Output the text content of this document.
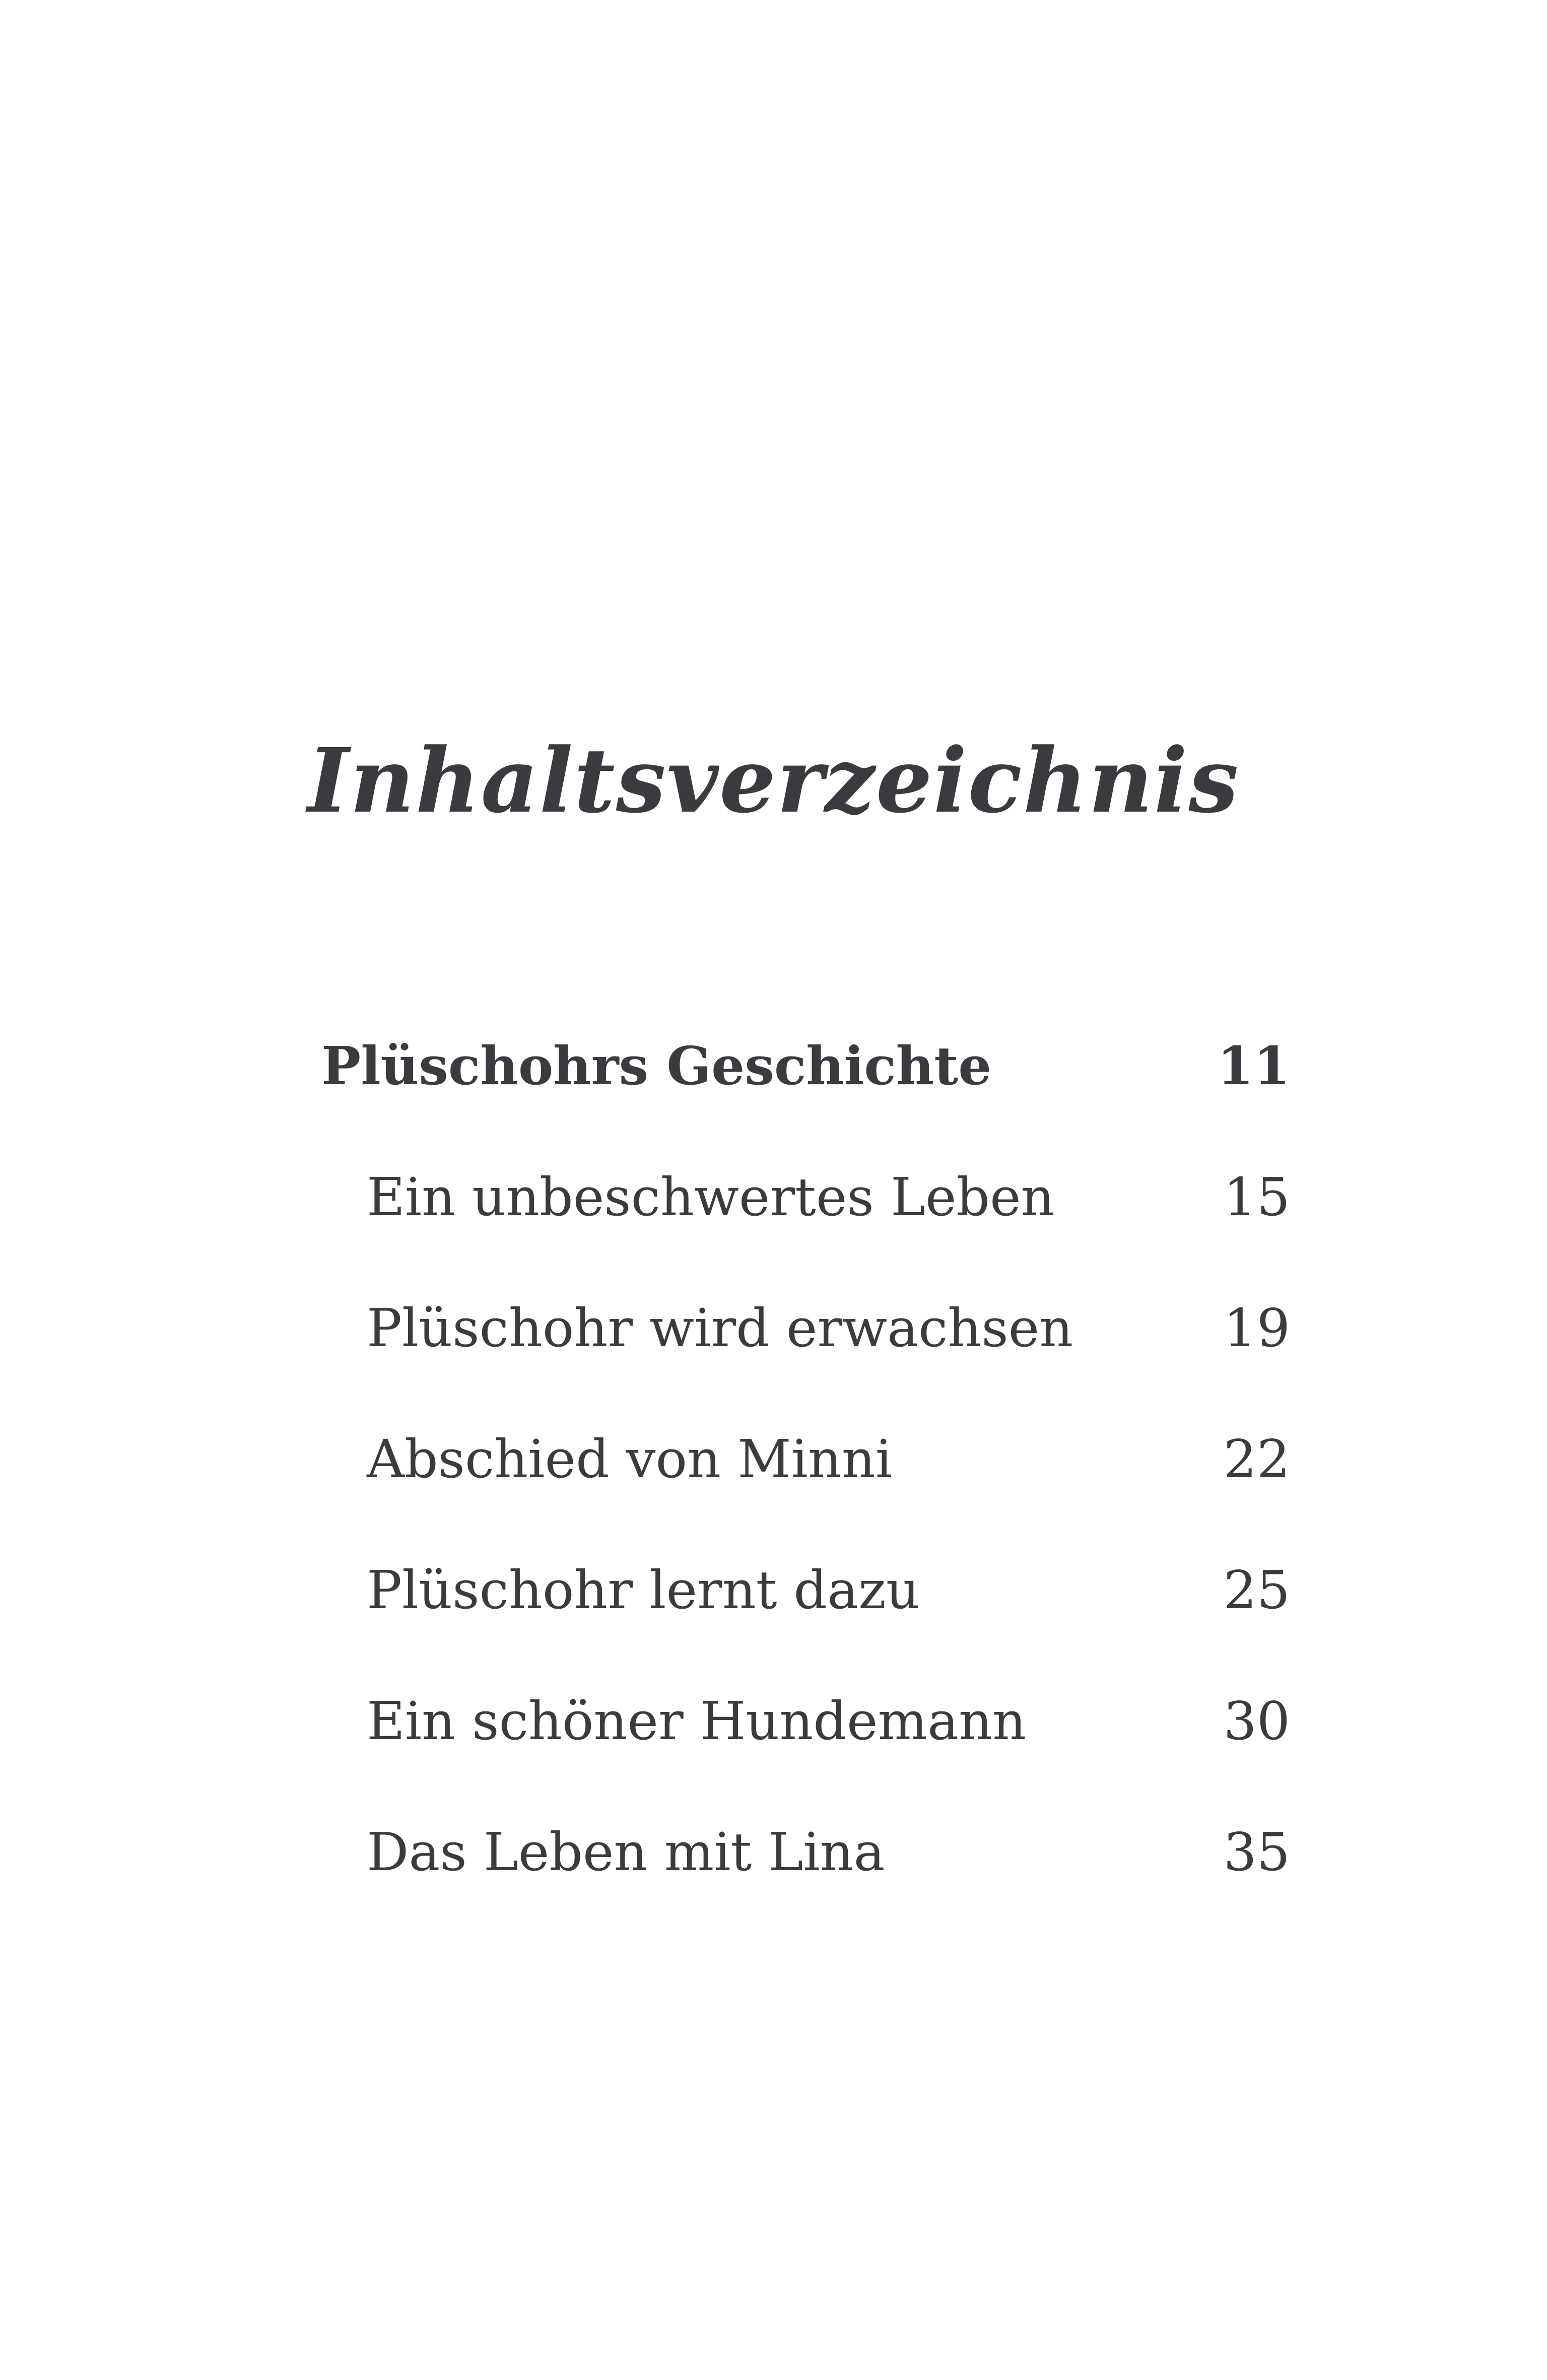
Inhaltsverzeichnis
Plüschohrs Geschichte	11
Ein unbeschwertes Leben	15
Plüschohr wird erwachsen	19
Abschied von Minni	22
Plüschohr lernt dazu	25
Ein schöner Hundemann	30
Das Leben mit Lina	35
